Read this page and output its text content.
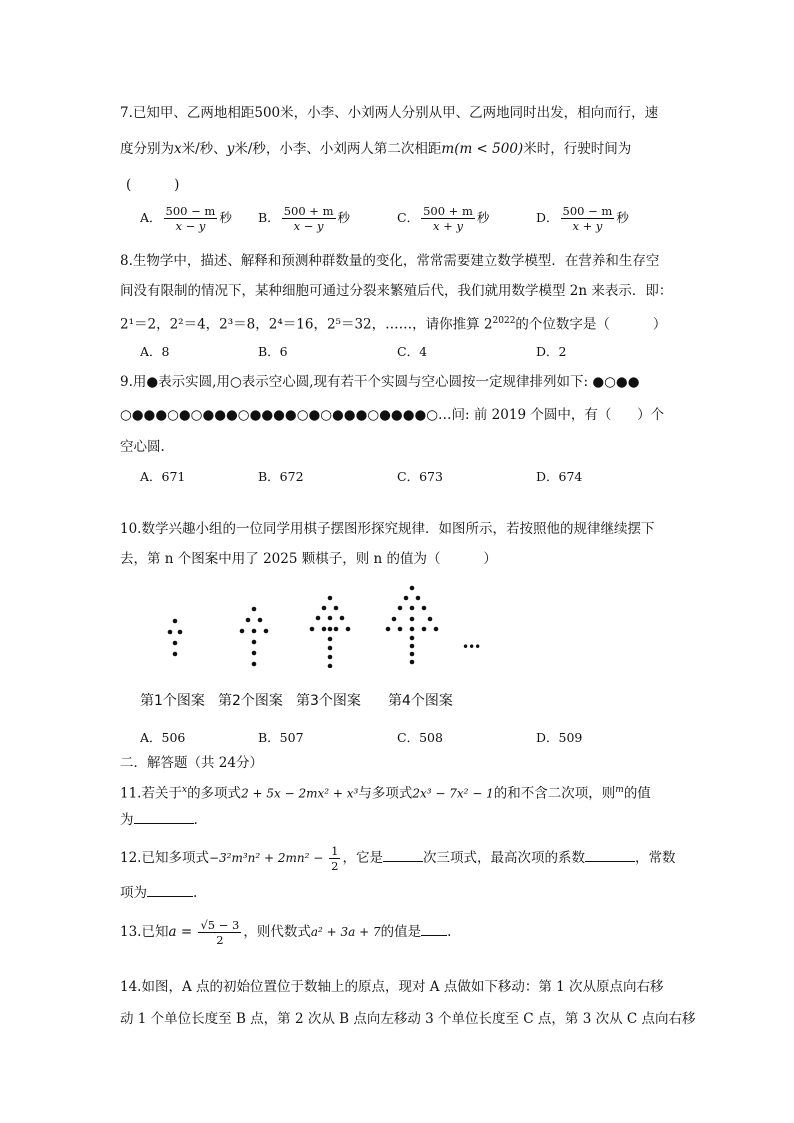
7.已知甲、乙两地相距500米，小李、小刘两人分别从甲、乙两地同时出发，相向而行，速
度分别为x米/秒、y米/秒，小李、小刘两人第二次相距m(m < 500)米时，行驶时间为
(          )
A． $\frac{500 - m}{x - y}$ 秒 B． $\frac{500 + m}{x - y}$ 秒	C． $\frac{500 + m}{x + y}$ 秒	D． $\frac{500 - m}{x + y}$ 秒
8.生物学中，描述、解释和预测种群数量的变化，常常需要建立数学模型．在营养和生存空
间没有限制的情况下，某种细胞可通过分裂来繁殖后代，我们就用数学模型 2n 来表示．即：
2¹＝2，2²＝4，2³＝8，2⁴＝16，2⁵＝32，……，请你推算 $2^{2022}$的个位数字是（          ）
A．8	B．6	C．4	D．2
9.用●表示实圆,用○表示空心圆,现有若干个实圆与空心圆按一定规律排列如下: ●○●●
○●●●○●○●●●○●●●●○●○●●●○●●●●○…问: 前 2019 个圆中，有（      ）个
空心圆.
A．671	B．672	C．673	D．674
10.数学兴趣小组的一位同学用棋子摆图形探究规律．如图所示，若按照他的规律继续摆下
去，第 n 个图案中用了 2025 颗棋子，则 n 的值为（          ）
•••
第1个图案 第2个图案 第3个图案 第4个图案
A．506	B．507	C．508	D．509
二．解答题（共 24分）
11.若关于$^x$的多项式2 + 5x − 2mx² + x³与多项式2x³ − 7x² − 1的和不含二次项，则$^m$的值
为	.
12.已知多项式$-3^2m^3n^2 + 2mn^2 - \frac{1}{2}$ ，它是	次三项式，最高次项的系数	，常数
项为	.
13.已知$a = \frac{√5 - 3}{2}$ ，则代数式a² + 3a + 7的值是 .
14.如图，A 点的初始位置位于数轴上的原点，现对 A 点做如下移动：第 1 次从原点向右移
动 1 个单位长度至 B 点，第 2 次从 B 点向左移动 3 个单位长度至 C 点，第 3 次从 C 点向右移
